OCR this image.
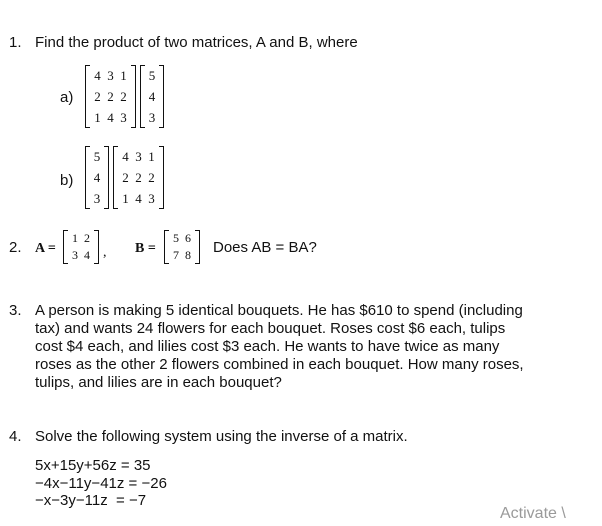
1. Find the product of two matrices, A and B, where
a)
4 3 1
2 2 2
1 4 3
5
4
3
b)
5
4
3
4 3 1
2 2 2
1 4 3
2. A =
1 2
3 4 , B =
5 6
7 8 Does AB = BA?
3. A person is making 5 identical bouquets. He has $610 to spend (including
tax) and wants 24 flowers for each bouquet. Roses cost $6 each, tulips
cost $4 each, and lilies cost $3 each. He wants to have twice as many
roses as the other 2 flowers combined in each bouquet. How many roses,
tulips, and lilies are in each bouquet?
4. Solve the following system using the inverse of a matrix.
5x+15y+56z = 35
−4x−11y−41z = −26
−x−3y−11z  = −7
Activate \
